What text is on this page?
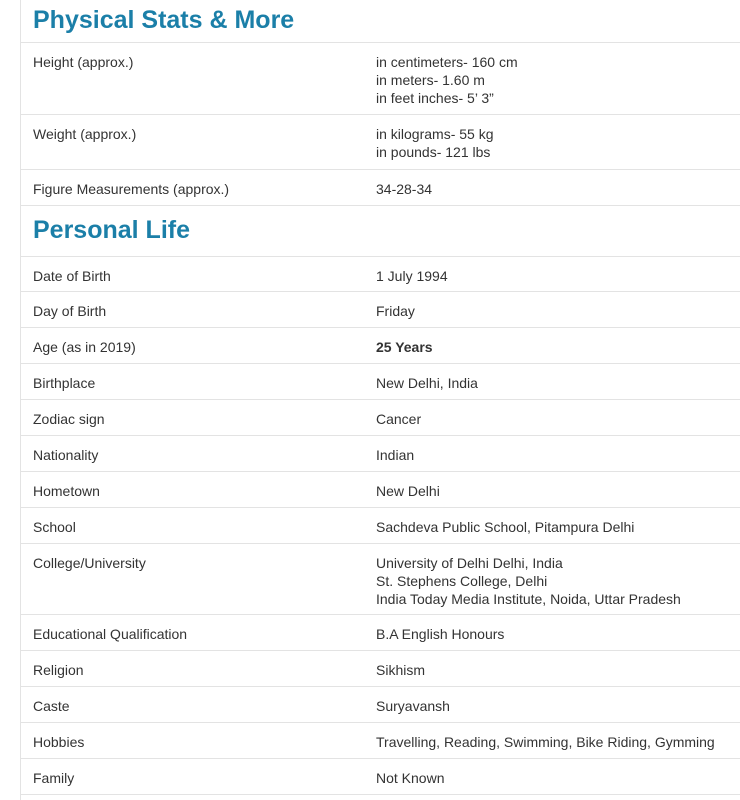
Physical Stats & More
Height (approx.)	in centimeters- 160 cm
in meters- 1.60 m
in feet inches- 5’ 3”
Weight (approx.)	in kilograms- 55 kg
in pounds- 121 lbs
Figure Measurements (approx.)	34-28-34
Personal Life
Date of Birth	1 July 1994
Day of Birth	Friday
Age (as in 2019)	25 Years
Birthplace	New Delhi, India
Zodiac sign	Cancer
Nationality	Indian
Hometown	New Delhi
School	Sachdeva Public School, Pitampura Delhi
College/University	University of Delhi Delhi, India
St. Stephens College, Delhi
India Today Media Institute, Noida, Uttar Pradesh
Educational Qualification	B.A English Honours
Religion	Sikhism
Caste	Suryavansh
Hobbies	Travelling, Reading, Swimming, Bike Riding, Gymming
Family	Not Known
